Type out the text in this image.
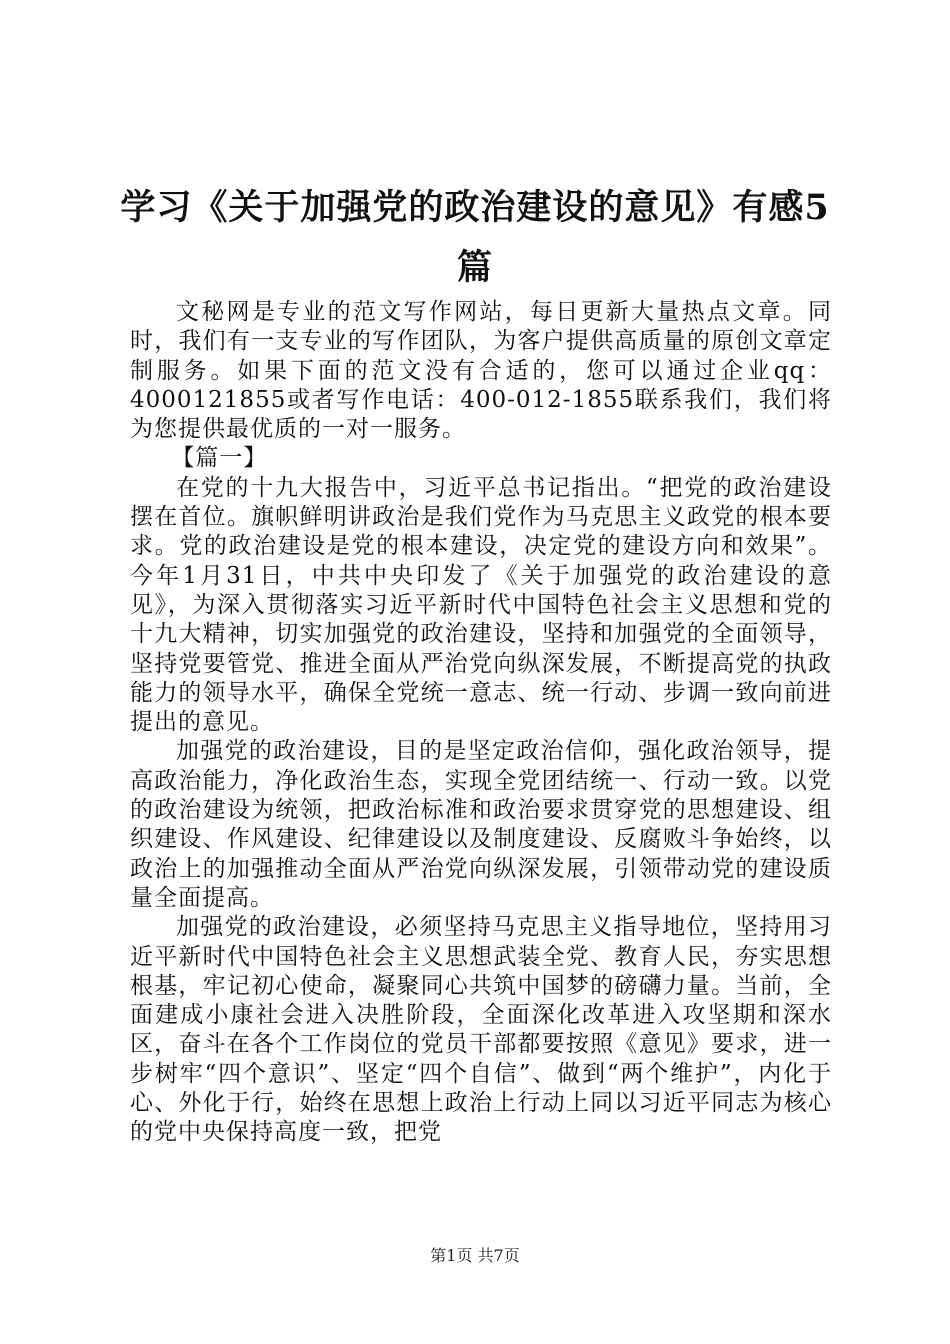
学习《关于加强党的政治建设的意见》有感5篇

文秘网是专业的范文写作网站，每日更新大量热点文章。同时，我们有一支专业的写作团队，为客户提供高质量的原创文章定制服务。如果下面的范文没有合适的，您可以通过企业qq：4000121855或者写作电话：400-012-1855联系我们，我们将为您提供最优质的一对一服务。

【篇一】

在党的十九大报告中，习近平总书记指出。“把党的政治建设摆在首位。旗帜鲜明讲政治是我们党作为马克思主义政党的根本要求。党的政治建设是党的根本建设，决定党的建设方向和效果”。今年1月31日，中共中央印发了《关于加强党的政治建设的意见》，为深入贯彻落实习近平新时代中国特色社会主义思想和党的十九大精神，切实加强党的政治建设，坚持和加强党的全面领导，坚持党要管党、推进全面从严治党向纵深发展，不断提高党的执政能力的领导水平，确保全党统一意志、统一行动、步调一致向前进提出的意见。

加强党的政治建设，目的是坚定政治信仰，强化政治领导，提高政治能力，净化政治生态，实现全党团结统一、行动一致。以党的政治建设为统领，把政治标准和政治要求贯穿党的思想建设、组织建设、作风建设、纪律建设以及制度建设、反腐败斗争始终，以政治上的加强推动全面从严治党向纵深发展，引领带动党的建设质量全面提高。

加强党的政治建设，必须坚持马克思主义指导地位，坚持用习近平新时代中国特色社会主义思想武装全党、教育人民，夯实思想根基，牢记初心使命，凝聚同心共筑中国梦的磅礴力量。当前，全面建成小康社会进入决胜阶段，全面深化改革进入攻坚期和深水区，奋斗在各个工作岗位的党员干部都要按照《意见》要求，进一步树牢“四个意识”、坚定“四个自信”、做到“两个维护”，内化于心、外化于行，始终在思想上政治上行动上同以习近平同志为核心的党中央保持高度一致，把党

第1页 共7页
